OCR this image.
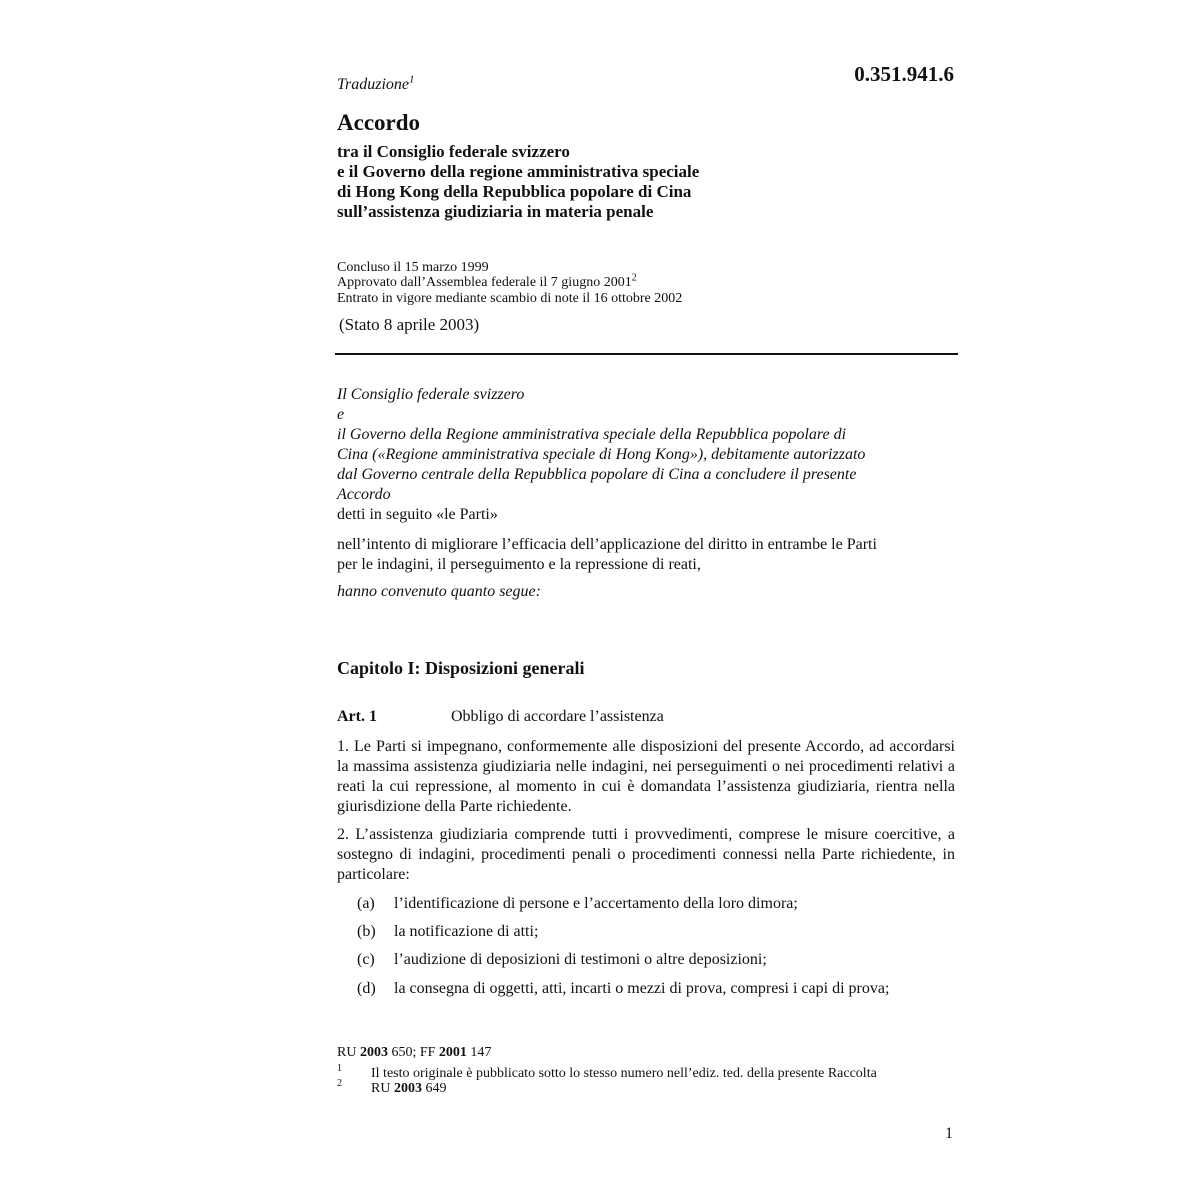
Traduzione$^1$	0.351.941.6
Accordo
tra il Consiglio federale svizzero
e il Governo della regione amministrativa speciale
di Hong Kong della Repubblica popolare di Cina
sull’assistenza giudiziaria in materia penale
Concluso il 15 marzo 1999
Approvato dall’Assemblea federale il 7 giugno 2001$^2$
Entrato in vigore mediante scambio di note il 16 ottobre 2002
(Stato 8 aprile 2003)
Il Consiglio federale svizzero
e
il Governo della Regione amministrativa speciale della Repubblica popolare di
Cina («Regione amministrativa speciale di Hong Kong»), debitamente autorizzato
dal Governo centrale della Repubblica popolare di Cina a concludere il presente
Accordo
detti in seguito «le Parti»
nell’intento di migliorare l’efficacia dell’applicazione del diritto in entrambe le Parti
per le indagini, il perseguimento e la repressione di reati,
hanno convenuto quanto segue:
Capitolo I: Disposizioni generali
Art. 1	Obbligo di accordare l’assistenza
1. Le Parti si impegnano, conformemente alle disposizioni del presente Accordo, ad accordarsi la massima assistenza giudiziaria nelle indagini, nei perseguimenti o nei procedimenti relativi a reati la cui repressione, al momento in cui è domandata l’assistenza giudiziaria, rientra nella giurisdizione della Parte richiedente.
2. L’assistenza giudiziaria comprende tutti i provvedimenti, comprese le misure coercitive, a sostegno di indagini, procedimenti penali o procedimenti connessi nella Parte richiedente, in particolare:
(a) l’identificazione di persone e l’accertamento della loro dimora;
(b) la notificazione di atti;
(c) l’audizione di deposizioni di testimoni o altre deposizioni;
(d) la consegna di oggetti, atti, incarti o mezzi di prova, compresi i capi di prova;
RU 2003 650; FF 2001 147
1 Il testo originale è pubblicato sotto lo stesso numero nell’ediz. ted. della presente Raccolta
2 RU 2003 649
1
